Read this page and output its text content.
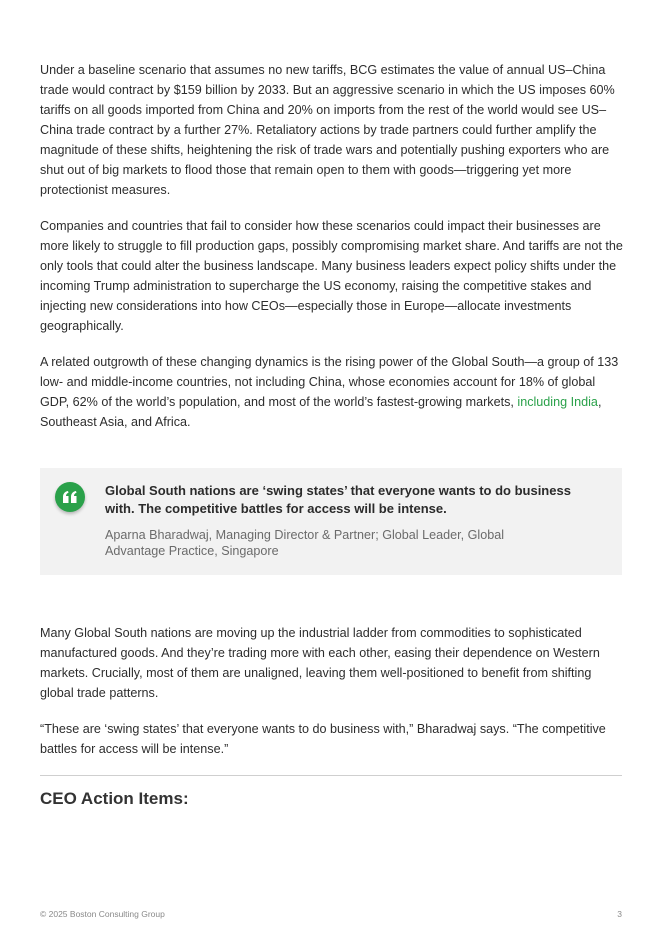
Under a baseline scenario that assumes no new tariffs, BCG estimates the value of annual US–China trade would contract by $159 billion by 2033. But an aggressive scenario in which the US imposes 60% tariffs on all goods imported from China and 20% on imports from the rest of the world would see US–China trade contract by a further 27%. Retaliatory actions by trade partners could further amplify the magnitude of these shifts, heightening the risk of trade wars and potentially pushing exporters who are shut out of big markets to flood those that remain open to them with goods—triggering yet more protectionist measures.

Companies and countries that fail to consider how these scenarios could impact their businesses are more likely to struggle to fill production gaps, possibly compromising market share. And tariffs are not the only tools that could alter the business landscape. Many business leaders expect policy shifts under the incoming Trump administration to supercharge the US economy, raising the competitive stakes and injecting new considerations into how CEOs—especially those in Europe—allocate investments geographically.

A related outgrowth of these changing dynamics is the rising power of the Global South—a group of 133 low- and middle-income countries, not including China, whose economies account for 18% of global GDP, 62% of the world’s population, and most of the world’s fastest-growing markets, including India, Southeast Asia, and Africa.

Global South nations are ‘swing states’ that everyone wants to do business with. The competitive battles for access will be intense.

Aparna Bharadwaj, Managing Director & Partner; Global Leader, Global Advantage Practice, Singapore

Many Global South nations are moving up the industrial ladder from commodities to sophisticated manufactured goods. And they’re trading more with each other, easing their dependence on Western markets. Crucially, most of them are unaligned, leaving them well-positioned to benefit from shifting global trade patterns.

“These are ‘swing states’ that everyone wants to do business with,” Bharadwaj says. “The competitive battles for access will be intense.”

CEO Action Items:
© 2025 Boston Consulting Group	3
